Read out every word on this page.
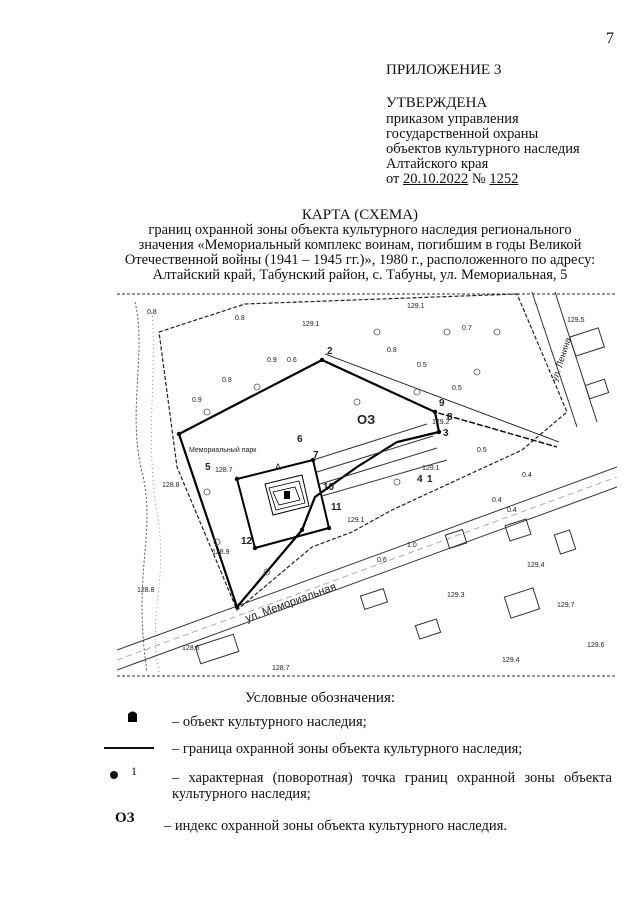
7
ПРИЛОЖЕНИЕ 3
УТВЕРЖДЕНА
приказом управления
государственной охраны
объектов культурного наследия
Алтайского края
от 20.10.2022 № 1252
КАРТА (СХЕМА)
границ охранной зоны объекта культурного наследия регионального
значения «Мемориальный комплекс воинам, погибшим в годы Великой
Отечественной войны (1941 – 1945 гг.)», 1980 г., расположенного по адресу:
Алтайский край, Табунский район, с. Табуны, ул. Мемориальная, 5
ОЗ
2
9
3
6
7
5
10
11
12
1
4
8
ул. Мемориальная
ул. Ленина
Мемориальный парк
А
129.1
129.1
129.2
128.7
128.9
129.1
128.8
128.8
128.6
129.3
129.4
129.7
128.7
129.4
129.6
129.1
129.5
0.8
0.8
0.9 0.6
0.5
0.5
0.5
0.4
0.4
1.0
0.6
0.8
0.9
0.8
0.7
0.4
Условные обозначения:
– объект культурного наследия;
– граница охранной зоны объекта культурного наследия;
1 – характерная (поворотная) точка границ охранной зоны объекта культурного наследия;
ОЗ – индекс охранной зоны объекта культурного наследия.
